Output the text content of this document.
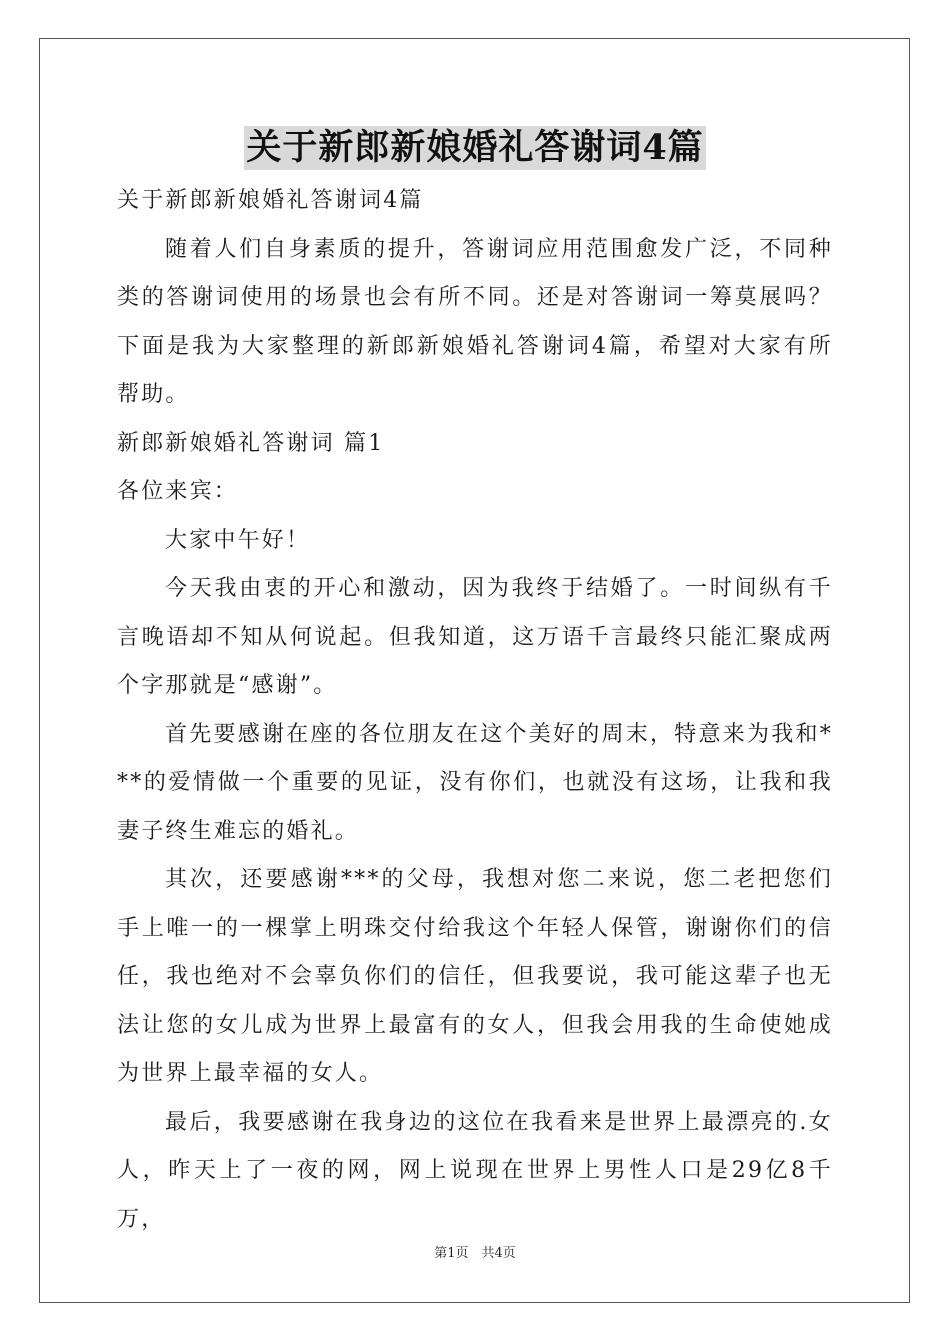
关于新郎新娘婚礼答谢词4篇

关于新郎新娘婚礼答谢词4篇

随着人们自身素质的提升，答谢词应用范围愈发广泛，不同种类的答谢词使用的场景也会有所不同。还是对答谢词一筹莫展吗？下面是我为大家整理的新郎新娘婚礼答谢词4篇，希望对大家有所帮助。

新郎新娘婚礼答谢词 篇1

各位来宾：

大家中午好！

今天我由衷的开心和激动，因为我终于结婚了。一时间纵有千言晚语却不知从何说起。但我知道，这万语千言最终只能汇聚成两个字那就是“感谢”。

首先要感谢在座的各位朋友在这个美好的周末，特意来为我和***的爱情做一个重要的见证，没有你们，也就没有这场，让我和我妻子终生难忘的婚礼。

其次，还要感谢***的父母，我想对您二来说，您二老把您们手上唯一的一棵掌上明珠交付给我这个年轻人保管，谢谢你们的信任，我也绝对不会辜负你们的信任，但我要说，我可能这辈子也无法让您的女儿成为世界上最富有的女人，但我会用我的生命使她成为世界上最幸福的女人。

最后，我要感谢在我身边的这位在我看来是世界上最漂亮的.女人，昨天上了一夜的网，网上说现在世界上男性人口是29亿8千万，

第1页　共4页
